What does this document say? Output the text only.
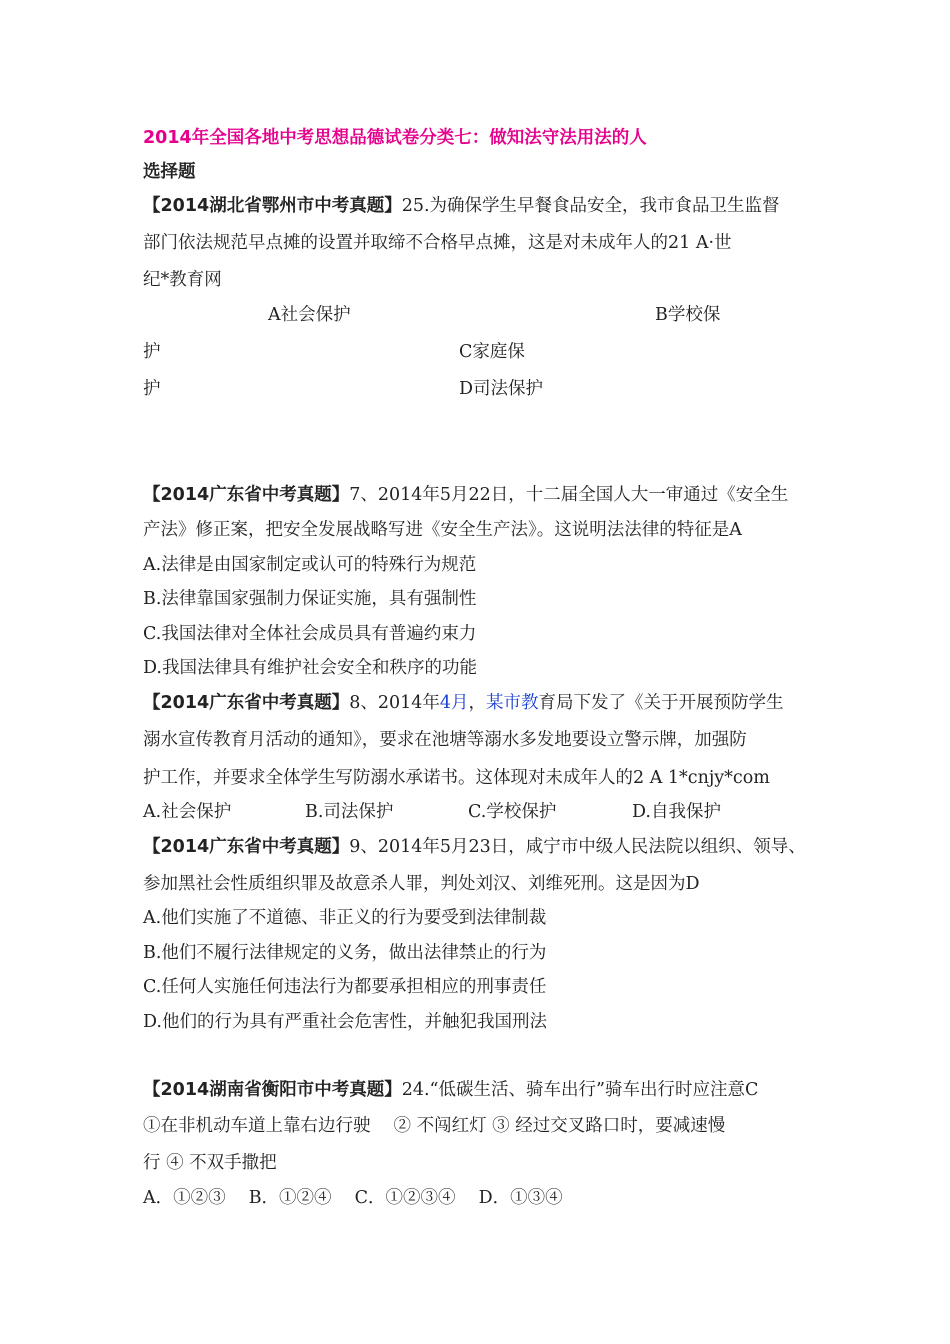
2014年全国各地中考思想品德试卷分类七：做知法守法用法的人
选择题
【2014湖北省鄂州市中考真题】25.为确保学生早餐食品安全，我市食品卫生监督
部门依法规范早点摊的设置并取缔不合格早点摊，这是对未成年人的21 A·世
纪*教育网
A社会保护	B学校保
护	C家庭保
护	D司法保护
【2014广东省中考真题】7、2014年5月22日，十二届全国人大一审通过《安全生
产法》修正案，把安全发展战略写进《安全生产法》。这说明法法律的特征是A
A.法律是由国家制定或认可的特殊行为规范
B.法律靠国家强制力保证实施，具有强制性
C.我国法律对全体社会成员具有普遍约束力
D.我国法律具有维护社会安全和秩序的功能
【2014广东省中考真题】8、2014年4月，某市教育局下发了《关于开展预防学生
溺水宣传教育月活动的通知》，要求在池塘等溺水多发地要设立警示牌，加强防
护工作，并要求全体学生写防溺水承诺书。这体现对未成年人的2 A 1*cnjy*com
A.社会保护	B.司法保护	C.学校保护	D.自我保护
【2014广东省中考真题】9、2014年5月23日，咸宁市中级人民法院以组织、领导、
参加黑社会性质组织罪及故意杀人罪，判处刘汉、刘维死刑。这是因为D
A.他们实施了不道德、非正义的行为要受到法律制裁
B.他们不履行法律规定的义务，做出法律禁止的行为
C.任何人实施任何违法行为都要承担相应的刑事责任
D.他们的行为具有严重社会危害性，并触犯我国刑法
【2014湖南省衡阳市中考真题】24.“低碳生活、骑车出行”骑车出行时应注意C
①在非机动车道上靠右边行驶　 ② 不闯红灯 ③ 经过交叉路口时，要减速慢
行 ④ 不双手撒把
A．①②③　 B．①②④　 C．①②③④　 D．①③④
